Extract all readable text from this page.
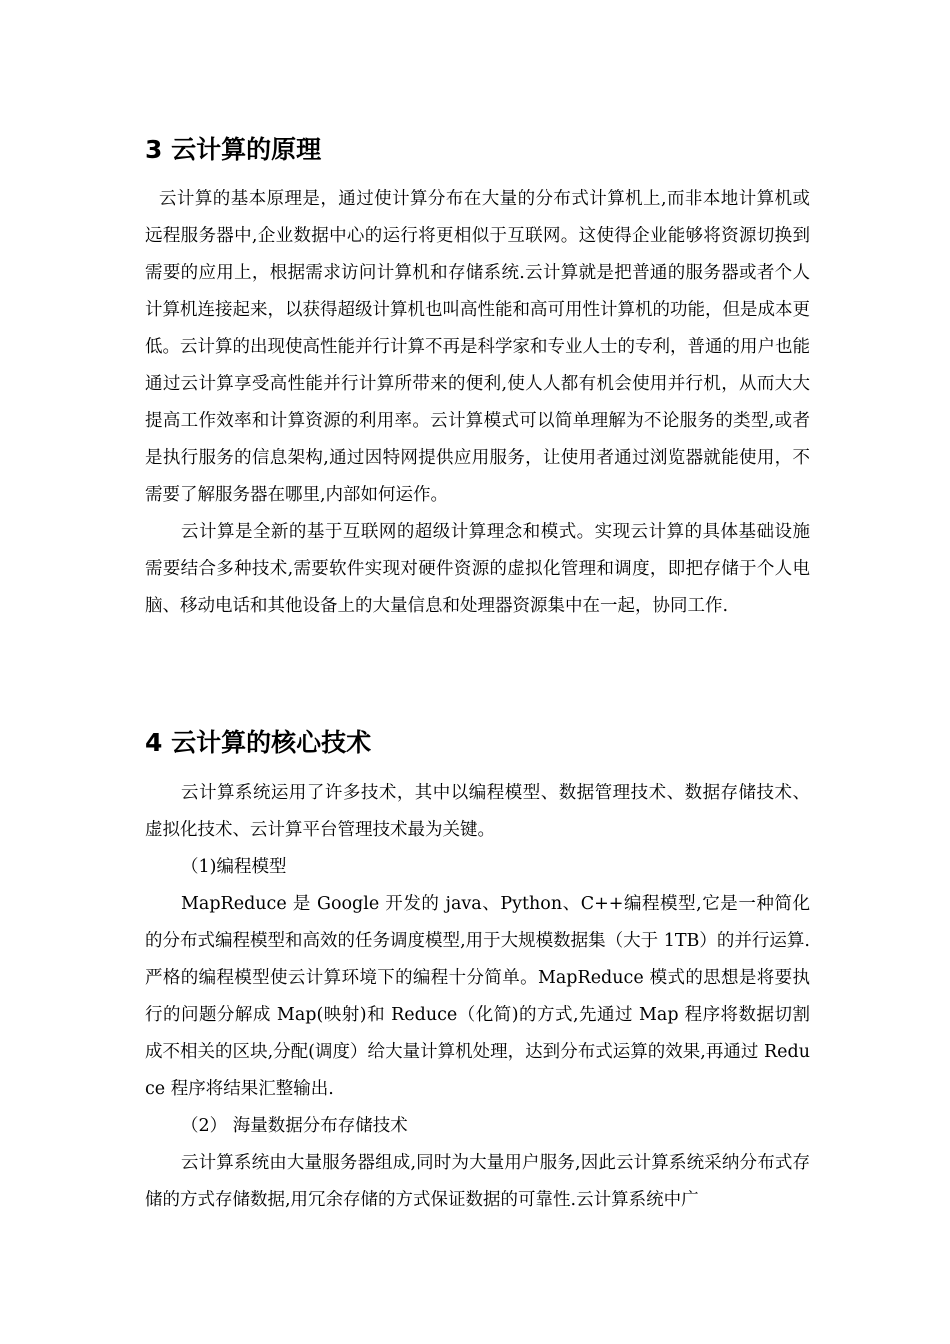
3 云计算的原理

云计算的基本原理是，通过使计算分布在大量的分布式计算机上,而非本地计算机或远程服务器中,企业数据中心的运行将更相似于互联网。这使得企业能够将资源切换到需要的应用上，根据需求访问计算机和存储系统.云计算就是把普通的服务器或者个人计算机连接起来，以获得超级计算机也叫高性能和高可用性计算机的功能，但是成本更低。云计算的出现使高性能并行计算不再是科学家和专业人士的专利，普通的用户也能通过云计算享受高性能并行计算所带来的便利,使人人都有机会使用并行机，从而大大提高工作效率和计算资源的利用率。云计算模式可以简单理解为不论服务的类型,或者是执行服务的信息架构,通过因特网提供应用服务，让使用者通过浏览器就能使用，不需要了解服务器在哪里,内部如何运作。

云计算是全新的基于互联网的超级计算理念和模式。实现云计算的具体基础设施需要结合多种技术,需要软件实现对硬件资源的虚拟化管理和调度，即把存储于个人电脑、移动电话和其他设备上的大量信息和处理器资源集中在一起，协同工作.

4 云计算的核心技术

云计算系统运用了许多技术，其中以编程模型、数据管理技术、数据存储技术、虚拟化技术、云计算平台管理技术最为关键。

（1)编程模型

MapReduce 是 Google 开发的 java、Python、C++编程模型,它是一种简化的分布式编程模型和高效的任务调度模型,用于大规模数据集（大于 1TB）的并行运算.严格的编程模型使云计算环境下的编程十分简单。MapReduce 模式的思想是将要执行的问题分解成 Map(映射)和 Reduce（化简)的方式,先通过 Map 程序将数据切割成不相关的区块,分配(调度）给大量计算机处理，达到分布式运算的效果,再通过 Reduce 程序将结果汇整输出.

（2） 海量数据分布存储技术

云计算系统由大量服务器组成,同时为大量用户服务,因此云计算系统采纳分布式存储的方式存储数据,用冗余存储的方式保证数据的可靠性.云计算系统中广
